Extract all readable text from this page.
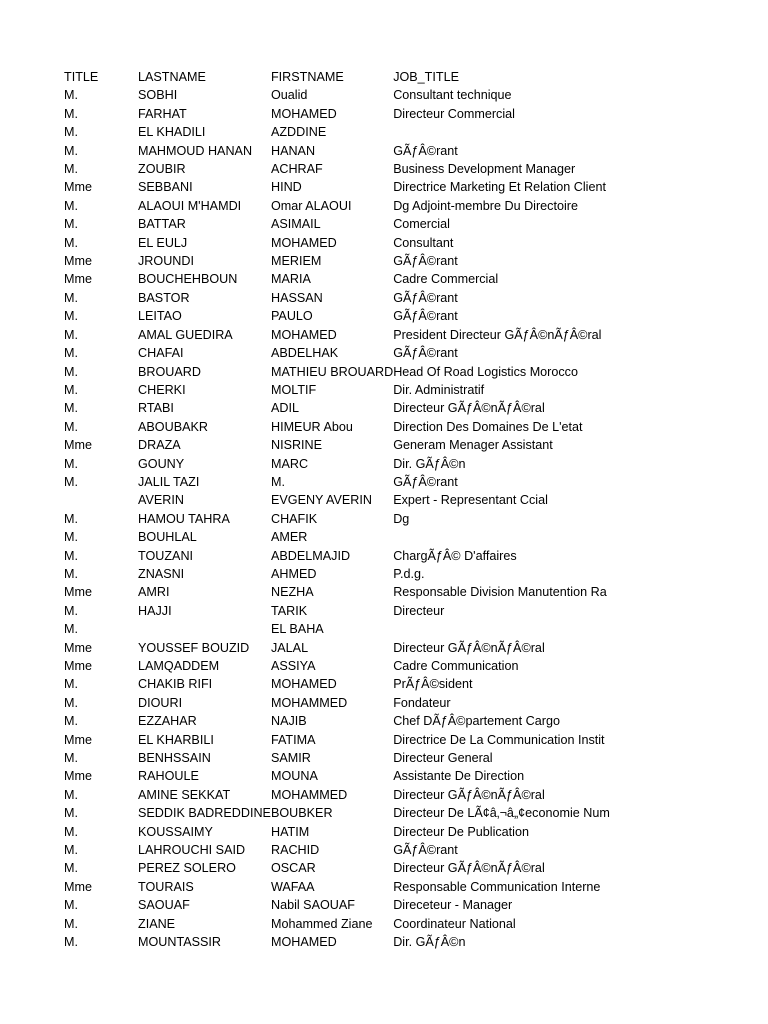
TITLE	LASTNAME	FIRSTNAME	JOB_TITLE
M.	SOBHI	Oualid	Consultant technique
M.	FARHAT	MOHAMED	Directeur Commercial
M.	EL KHADILI	AZDDINE	
M.	MAHMOUD HANAN	HANAN	GÃƒÂ©rant
M.	ZOUBIR	ACHRAF	Business Development Manager
Mme	SEBBANI	HIND	Directrice Marketing Et Relation Client
M.	ALAOUI M'HAMDI	Omar ALAOUI	Dg Adjoint-membre Du Directoire
M.	BATTAR	ASIMAIL	Comercial
M.	EL EULJ	MOHAMED	Consultant
Mme	JROUNDI	MERIEM	GÃƒÂ©rant
Mme	BOUCHEHBOUN	MARIA	Cadre Commercial
M.	BASTOR	HASSAN	GÃƒÂ©rant
M.	LEITAO	PAULO	GÃƒÂ©rant
M.	AMAL GUEDIRA	MOHAMED	President Directeur GÃƒÂ©nÃƒÂ©ral
M.	CHAFAI	ABDELHAK	GÃƒÂ©rant
M.	BROUARD	MATHIEU BROUARD	Head Of Road Logistics Morocco
M.	CHERKI	MOLTIF	Dir. Administratif
M.	RTABI	ADIL	Directeur GÃƒÂ©nÃƒÂ©ral
M.	ABOUBAKR	HIMEUR Abou	Direction Des Domaines De L'etat
Mme	DRAZA	NISRINE	Generam Menager Assistant
M.	GOUNY	MARC	Dir. GÃƒÂ©n
M.	JALIL TAZI	M.	GÃƒÂ©rant
	AVERIN	EVGENY AVERIN	Expert - Representant Ccial
M.	HAMOU TAHRA	CHAFIK	Dg
M.	BOUHLAL	AMER	
M.	TOUZANI	ABDELMAJID	ChargÃƒÂ© D'affaires
M.	ZNASNI	AHMED	P.d.g.
Mme	AMRI	NEZHA	Responsable Division Manutention Ra
M.	HAJJI	TARIK	Directeur
M.		EL BAHA	
Mme	YOUSSEF BOUZID	JALAL	Directeur GÃƒÂ©nÃƒÂ©ral
Mme	LAMQADDEM	ASSIYA	Cadre Communication
M.	CHAKIB RIFI	MOHAMED	PrÃƒÂ©sident
M.	DIOURI	MOHAMMED	Fondateur
M.	EZZAHAR	NAJIB	Chef DÃƒÂ©partement Cargo
Mme	EL KHARBILI	FATIMA	Directrice De La Communication Instit
M.	BENHSSAIN	SAMIR	Directeur General
Mme	RAHOULE	MOUNA	Assistante De Direction
M.	AMINE SEKKAT	MOHAMMED	Directeur GÃƒÂ©nÃƒÂ©ral
M.	SEDDIK BADREDDINE	BOUBKER	Directeur De LÃ¢â‚¬â„¢economie Num
M.	KOUSSAIMY	HATIM	Directeur De Publication
M.	LAHROUCHI SAID	RACHID	GÃƒÂ©rant
M.	PEREZ SOLERO	OSCAR	Directeur GÃƒÂ©nÃƒÂ©ral
Mme	TOURAIS	WAFAA	Responsable Communication Interne
M.	SAOUAF	Nabil SAOUAF	Direceteur - Manager
M.	ZIANE	Mohammed Ziane	Coordinateur National
M.	MOUNTASSIR	MOHAMED	Dir. GÃƒÂ©n
